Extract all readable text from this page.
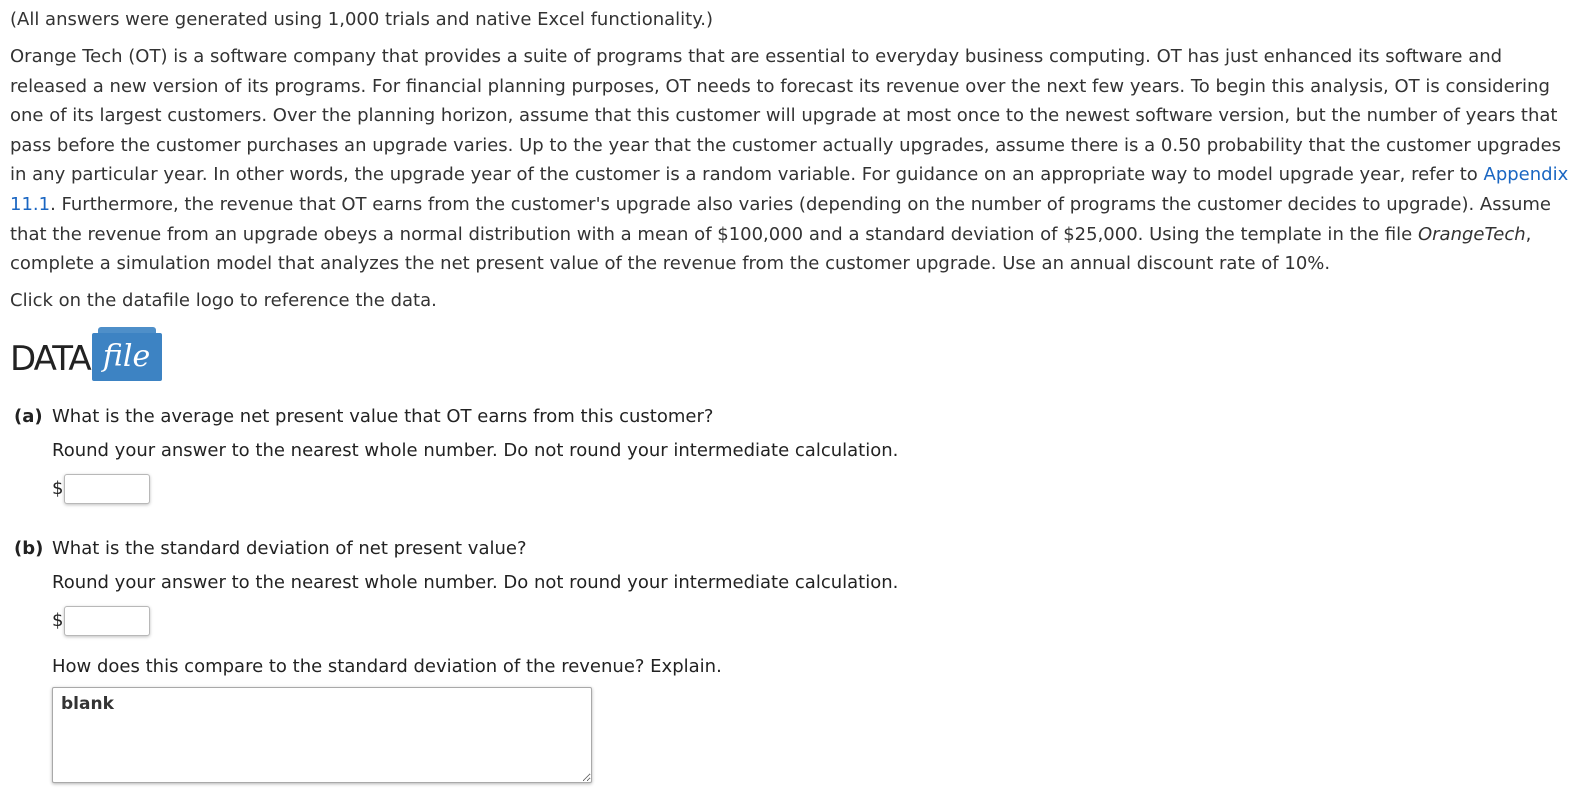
(All answers were generated using 1,000 trials and native Excel functionality.)
Orange Tech (OT) is a software company that provides a suite of programs that are essential to everyday business computing. OT has just enhanced its software and released a new version of its programs. For financial planning purposes, OT needs to forecast its revenue over the next few years. To begin this analysis, OT is considering one of its largest customers. Over the planning horizon, assume that this customer will upgrade at most once to the newest software version, but the number of years that pass before the customer purchases an upgrade varies. Up to the year that the customer actually upgrades, assume there is a 0.50 probability that the customer upgrades in any particular year. In other words, the upgrade year of the customer is a random variable. For guidance on an appropriate way to model upgrade year, refer to Appendix 11.1. Furthermore, the revenue that OT earns from the customer's upgrade also varies (depending on the number of programs the customer decides to upgrade). Assume that the revenue from an upgrade obeys a normal distribution with a mean of $100,000 and a standard deviation of $25,000. Using the template in the file OrangeTech, complete a simulation model that analyzes the net present value of the revenue from the customer upgrade. Use an annual discount rate of 10%.
Click on the datafile logo to reference the data.
DATA file
(a) What is the average net present value that OT earns from this customer?
Round your answer to the nearest whole number. Do not round your intermediate calculation.
$
(b) What is the standard deviation of net present value?
Round your answer to the nearest whole number. Do not round your intermediate calculation.
$
How does this compare to the standard deviation of the revenue? Explain.
blank
